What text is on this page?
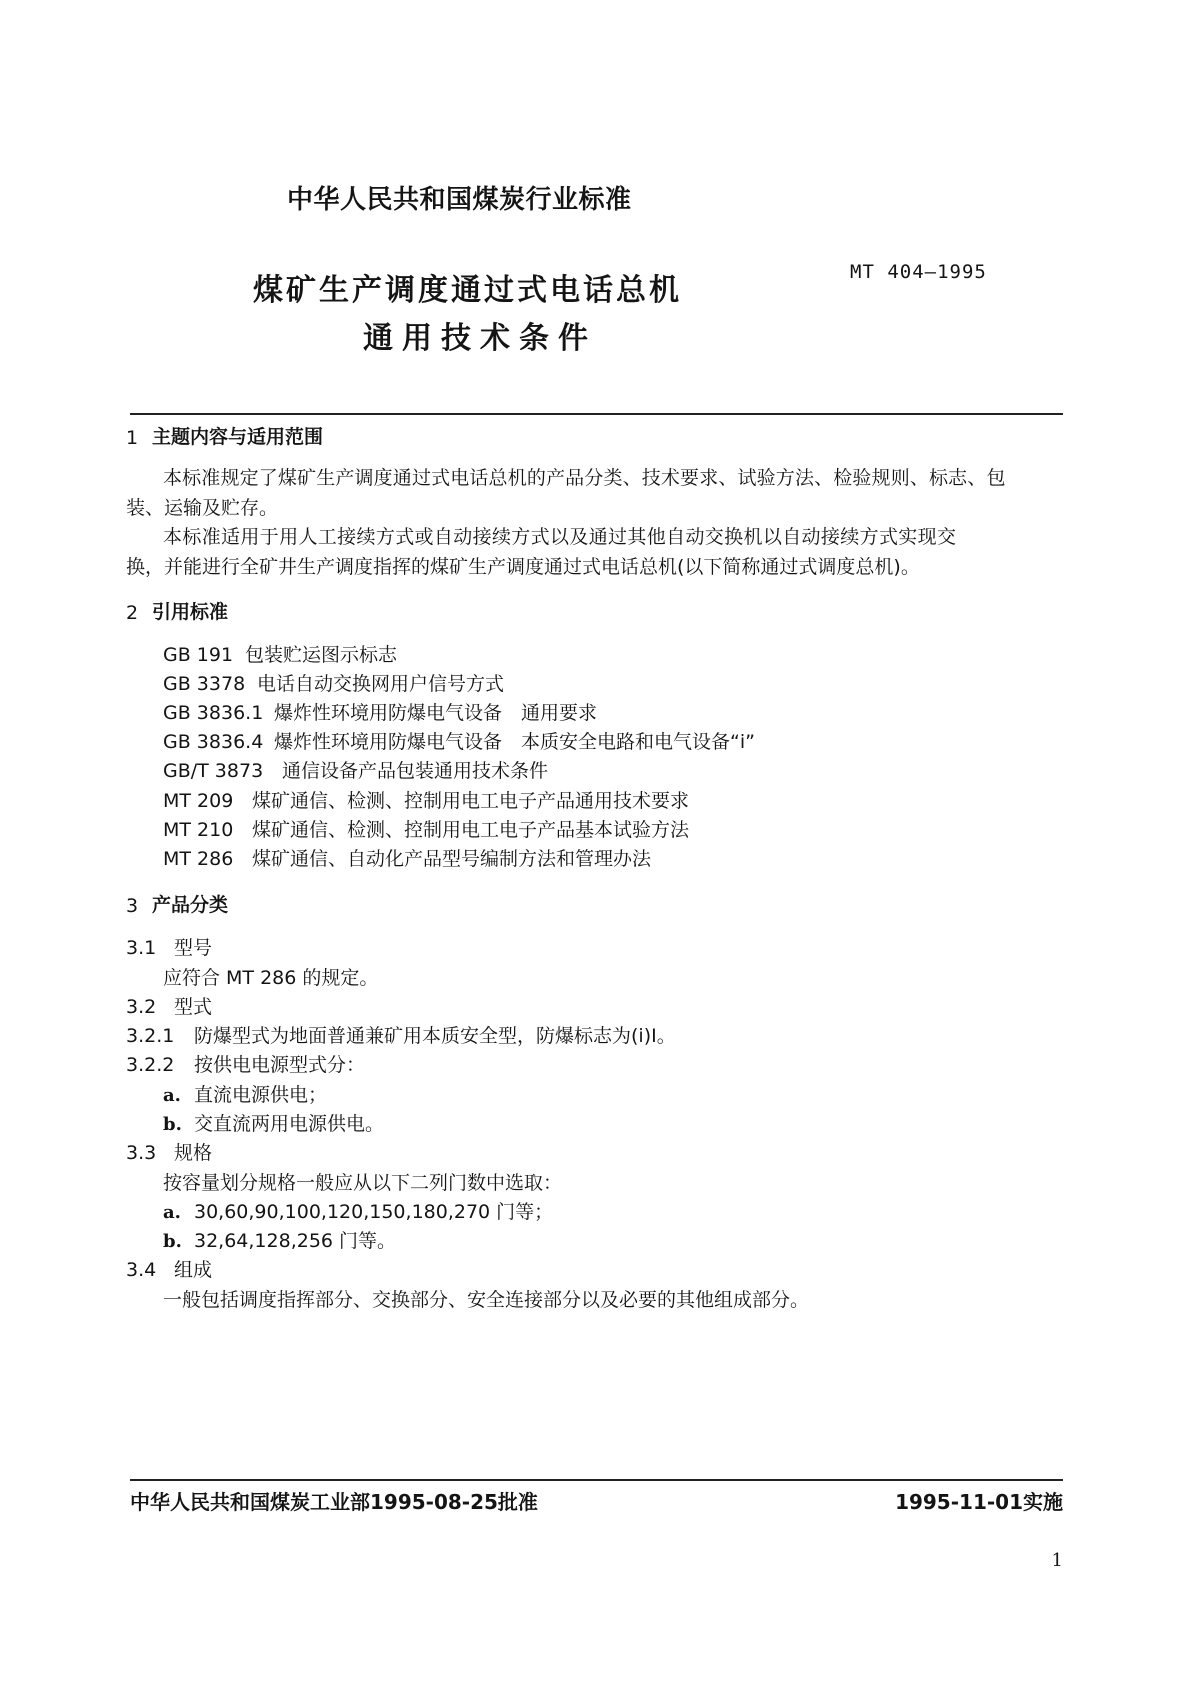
中华人民共和国煤炭行业标准
MT 404—1995
煤矿生产调度通过式电话总机
通用技术条件
1 主题内容与适用范围
本标准规定了煤矿生产调度通过式电话总机的产品分类、技术要求、试验方法、检验规则、标志、包
装、运输及贮存。
本标准适用于用人工接续方式或自动接续方式以及通过其他自动交换机以自动接续方式实现交
换，并能进行全矿井生产调度指挥的煤矿生产调度通过式电话总机(以下简称通过式调度总机)。
2 引用标准
GB 191 包装贮运图示标志
GB 3378 电话自动交换网用户信号方式
GB 3836.1 爆炸性环境用防爆电气设备　通用要求
GB 3836.4 爆炸性环境用防爆电气设备　本质安全电路和电气设备“i”
GB/T 3873 通信设备产品包装通用技术条件
MT 209 煤矿通信、检测、控制用电工电子产品通用技术要求
MT 210 煤矿通信、检测、控制用电工电子产品基本试验方法
MT 286 煤矿通信、自动化产品型号编制方法和管理办法
3 产品分类
3.1 型号
应符合 MT 286 的规定。
3.2 型式
3.2.1 防爆型式为地面普通兼矿用本质安全型，防爆标志为(i)I。
3.2.2 按供电电源型式分：
a. 直流电源供电；
b. 交直流两用电源供电。
3.3 规格
按容量划分规格一般应从以下二列门数中选取：
a. 30,60,90,100,120,150,180,270 门等；
b. 32,64,128,256 门等。
3.4 组成
一般包括调度指挥部分、交换部分、安全连接部分以及必要的其他组成部分。
中华人民共和国煤炭工业部1995-08-25批准	1995-11-01实施
1
